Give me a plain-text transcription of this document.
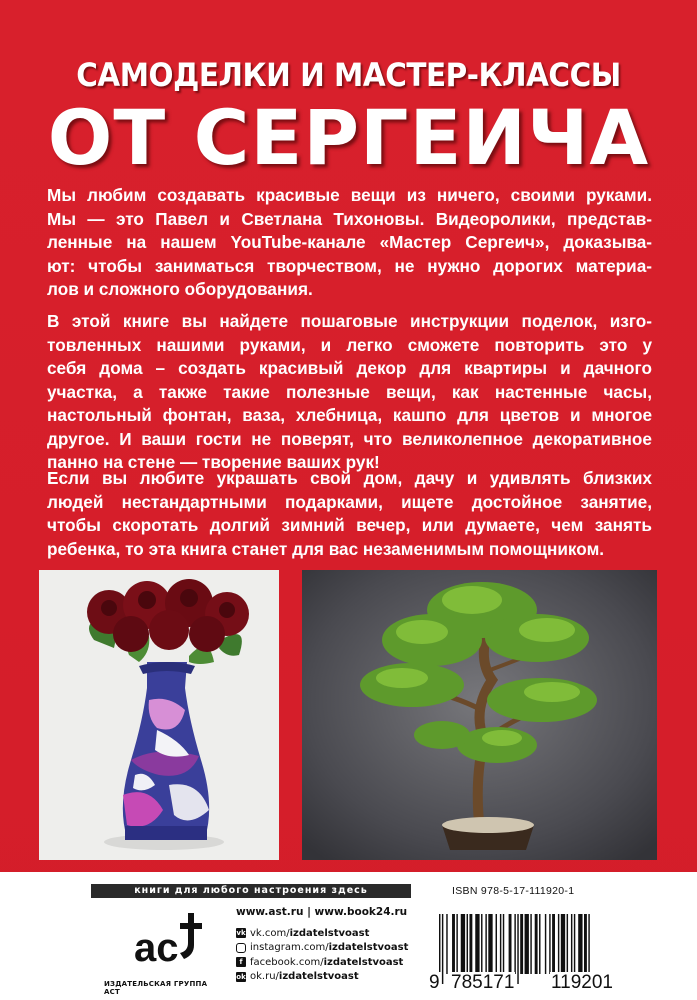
САМОДЕЛКИ И МАСТЕР-КЛАССЫ
ОТ СЕРГЕИЧА
Мы любим создавать красивые вещи из ничего, своими руками.
Мы — это Павел и Светлана Тихоновы. Видеоролики, представ-
ленные на нашем YouTube-канале «Мастер Сергеич», доказыва-
ют: чтобы заниматься творчеством, не нужно дорогих материа-
лов и сложного оборудования.
В этой книге вы найдете пошаговые инструкции поделок, изго-
товленных нашими руками, и легко сможете повторить это у
себя дома – создать красивый декор для квартиры и дачного
участка, а также такие полезные вещи, как настенные часы,
настольный фонтан, ваза, хлебница, кашпо для цветов и многое
другое. И ваши гости не поверят, что великолепное декоративное
панно на стене — творение ваших рук!
Если вы любите украшать свой дом, дачу и удивлять близких
людей нестандартными подарками, ищете достойное занятие,
чтобы скоротать долгий зимний вечер, или думаете, чем занять
ребенка, то эта книга станет для вас незаменимым помощником.
книги для любого настроения здесь
ac
ИЗДАТЕЛЬСКАЯ ГРУППА АСТ
www.ast.ru | www.book24.ru
vk vk.com/ izdatelstvoast
instagram.com/ izdatelstvoast
f facebook.com/ izdatelstvoast
ok ok.ru/ izdatelstvoast
ISBN 978-5-17-111920-1
9 785171 119201
